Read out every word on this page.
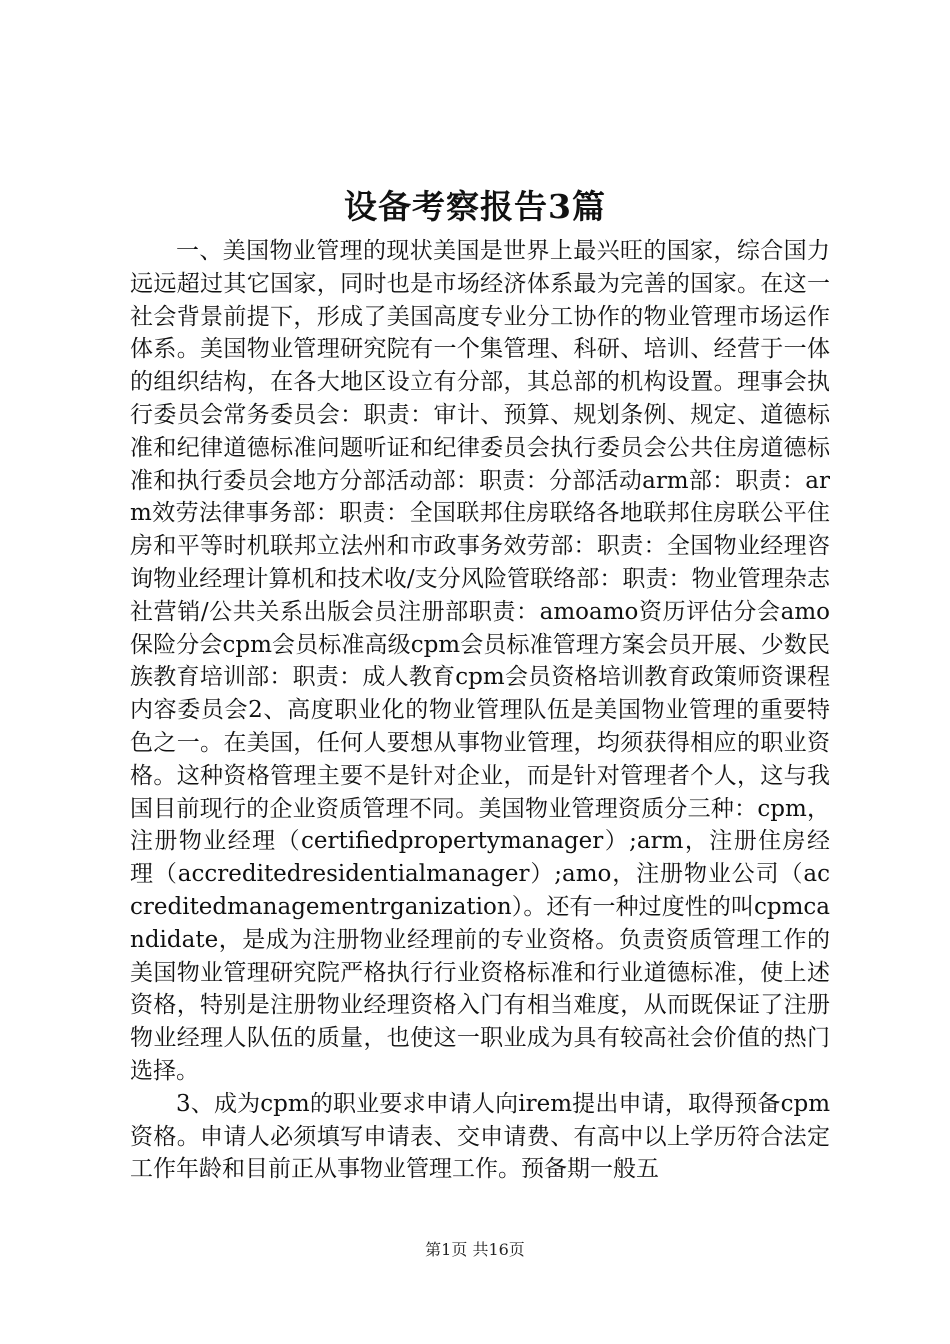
设备考察报告3篇

一、美国物业管理的现状美国是世界上最兴旺的国家，综合国力远远超过其它国家，同时也是市场经济体系最为完善的国家。在这一社会背景前提下，形成了美国高度专业分工协作的物业管理市场运作体系。美国物业管理研究院有一个集管理、科研、培训、经营于一体的组织结构，在各大地区设立有分部，其总部的机构设置。理事会执行委员会常务委员会：职责：审计、预算、规划条例、规定、道德标准和纪律道德标准问题听证和纪律委员会执行委员会公共住房道德标准和执行委员会地方分部活动部：职责：分部活动arm部：职责：arm效劳法律事务部：职责：全国联邦住房联络各地联邦住房联公平住房和平等时机联邦立法州和市政事务效劳部：职责：全国物业经理咨询物业经理计算机和技术收/支分风险管联络部：职责：物业管理杂志社营销/公共关系出版会员注册部职责：amoamo资历评估分会amo保险分会cpm会员标准高级cpm会员标准管理方案会员开展、少数民族教育培训部：职责：成人教育cpm会员资格培训教育政策师资课程内容委员会2、高度职业化的物业管理队伍是美国物业管理的重要特色之一。在美国，任何人要想从事物业管理，均须获得相应的职业资格。这种资格管理主要不是针对企业，而是针对管理者个人，这与我国目前现行的企业资质管理不同。美国物业管理资质分三种：cpm，注册物业经理（certifiedpropertymanager）;arm，注册住房经理（accreditedresidentialmanager）;amo，注册物业公司（accreditedmanagementrganization）。还有一种过度性的叫cpmcandidate，是成为注册物业经理前的专业资格。负责资质管理工作的美国物业管理研究院严格执行行业资格标准和行业道德标准，使上述资格，特别是注册物业经理资格入门有相当难度，从而既保证了注册物业经理人队伍的质量，也使这一职业成为具有较高社会价值的热门选择。

3、成为cpm的职业要求申请人向irem提出申请，取得预备cpm资格。申请人必须填写申请表、交申请费、有高中以上学历符合法定工作年龄和目前正从事物业管理工作。预备期一般五

第1页 共16页
